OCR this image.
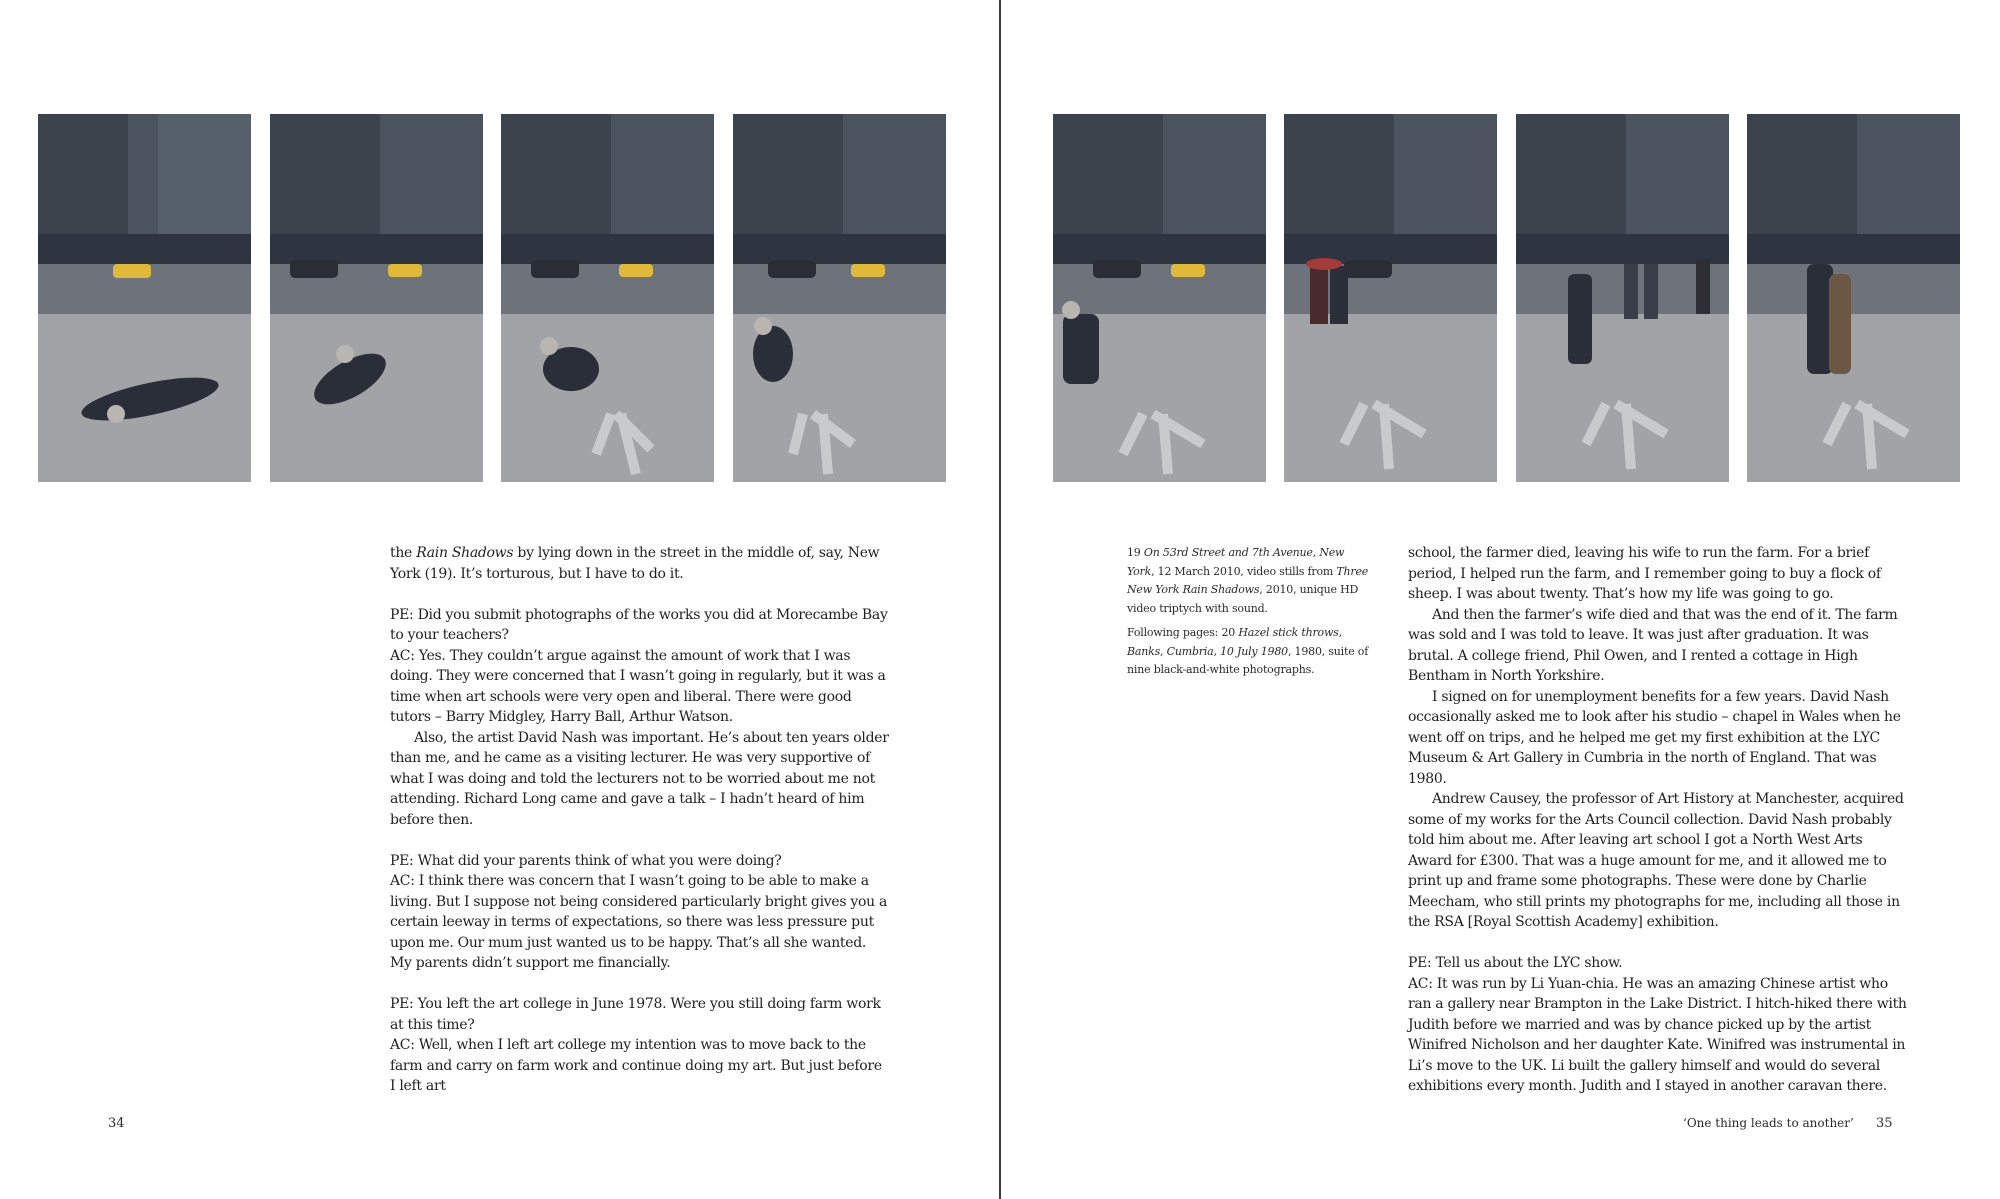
the Rain Shadows by lying down in the street in the middle of, say, New York (19). It’s torturous, but I have to do it.

PE: Did you submit photographs of the works you did at Morecambe Bay to your teachers?

AC: Yes. They couldn’t argue against the amount of work that I was doing. They were concerned that I wasn’t going in regularly, but it was a time when art schools were very open and liberal. There were good tutors – Barry Midgley, Harry Ball, Arthur Watson.

Also, the artist David Nash was important. He’s about ten years older than me, and he came as a visiting lecturer. He was very supportive of what I was doing and told the lecturers not to be worried about me not attending. Richard Long came and gave a talk – I hadn’t heard of him before then.

PE: What did your parents think of what you were doing?

AC: I think there was concern that I wasn’t going to be able to make a living. But I suppose not being considered particularly bright gives you a certain leeway in terms of expectations, so there was less pressure put upon me. Our mum just wanted us to be happy. That’s all she wanted. My parents didn’t support me financially.

PE: You left the art college in June 1978. Were you still doing farm work at this time?

AC: Well, when I left art college my intention was to move back to the farm and carry on farm work and continue doing my art. But just before I left art

19 On 53rd Street and 7th Avenue, New York, 12 March 2010, video stills from Three New York Rain Shadows, 2010, unique HD video triptych with sound.

Following pages: 20 Hazel stick throws, Banks, Cumbria, 10 July 1980, 1980, suite of nine black-and-white photographs.

school, the farmer died, leaving his wife to run the farm. For a brief period, I helped run the farm, and I remember going to buy a flock of sheep. I was about twenty. That’s how my life was going to go.

And then the farmer’s wife died and that was the end of it. The farm was sold and I was told to leave. It was just after graduation. It was brutal. A college friend, Phil Owen, and I rented a cottage in High Bentham in North Yorkshire.

I signed on for unemployment benefits for a few years. David Nash occasionally asked me to look after his studio – chapel in Wales when he went off on trips, and he helped me get my first exhibition at the LYC Museum & Art Gallery in Cumbria in the north of England. That was 1980.

Andrew Causey, the professor of Art History at Manchester, acquired some of my works for the Arts Council collection. David Nash probably told him about me. After leaving art school I got a North West Arts Award for £300. That was a huge amount for me, and it allowed me to print up and frame some photographs. These were done by Charlie Meecham, who still prints my photographs for me, including all those in the RSA [Royal Scottish Academy] exhibition.

PE: Tell us about the LYC show.

AC: It was run by Li Yuan-chia. He was an amazing Chinese artist who ran a gallery near Brampton in the Lake District. I hitch-hiked there with Judith before we married and was by chance picked up by the artist Winifred Nicholson and her daughter Kate. Winifred was instrumental in Li’s move to the UK. Li built the gallery himself and would do several exhibitions every month. Judith and I stayed in another caravan there.

34	‘One thing leads to another’ 35
